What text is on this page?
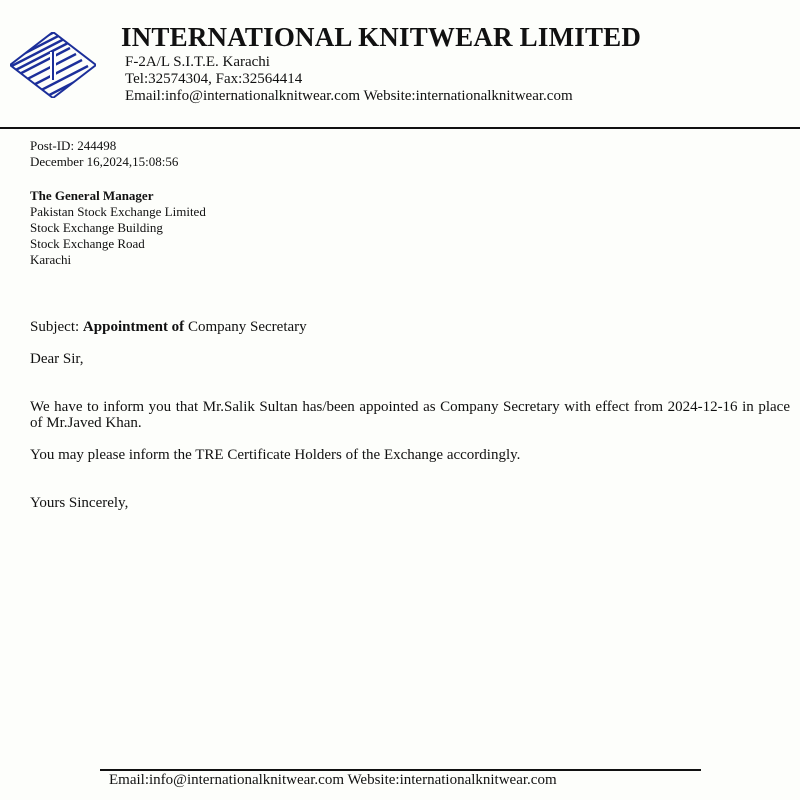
INTERNATIONAL KNITWEAR LIMITED
F-2A/L S.I.T.E. Karachi
Tel:32574304, Fax:32564414
Email:info@internationalknitwear.com Website:internationalknitwear.com
Post-ID: 244498
December 16,2024,15:08:56
The General Manager
Pakistan Stock Exchange Limited
Stock Exchange Building
Stock Exchange Road
Karachi
Subject: Appointment of Company Secretary
Dear Sir,
We have to inform you that Mr.Salik Sultan has/been appointed as Company Secretary with effect from 2024-12-16 in place of Mr.Javed Khan.
You may please inform the TRE Certificate Holders of the Exchange accordingly.
Yours Sincerely,
Email:info@internationalknitwear.com Website:internationalknitwear.com
